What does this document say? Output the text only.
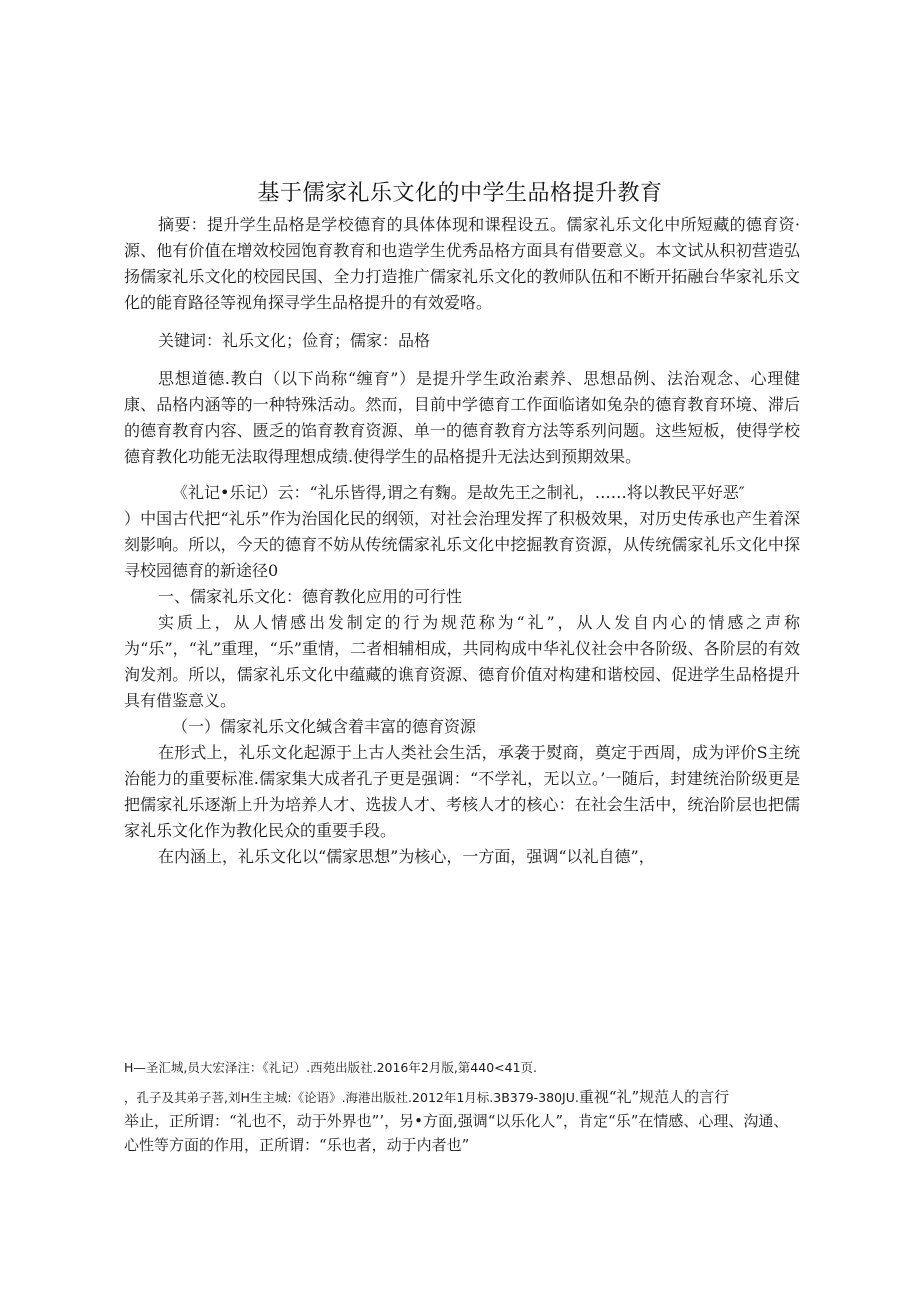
基于儒家礼乐文化的中学生品格提升教育

摘要：提升学生品格是学校德育的具体体现和课程设五。儒家礼乐文化中所短藏的德育资·源、他有价值在增效校园饱育教育和也造学生优秀品格方面具有借要意义。本文试从积初营造弘扬儒家礼乐文化的校园民国、全力打造推广儒家礼乐文化的教师队伍和不断开拓融台华家礼乐文化的能育路径等视角探寻学生品格提升的有效爱咯。

关键词：礼乐文化；俭育；儒家：品格

思想道德.教白（以下尚称“缠育”）是提升学生政治素养、思想品例、法治观念、心理健康、品格内涵等的一种特殊活动。然而，目前中学德育工作面临诸如兔杂的德育教育环境、滞后的德育教育内容、匮乏的馅育教育资源、单一的德育教育方法等系列问题。这些短板，使得学校德育教化功能无法取得理想成绩.使得学生的品格提升无法达到预期效果。

《礼记•乐记）云：“礼乐皆得,谓之有麴。是故先王之制礼，……将以教民平好恶″

）中国古代把“礼乐”作为治国化民的纲领，对社会治理发挥了积极效果，对历史传承也产生着深刻影响。所以，今天的德育不妨从传统儒家礼乐文化中挖掘教育资源，从传统儒家礼乐文化中探寻校园德育的新途径0

一、儒家礼乐文化：德育教化应用的可行性

实质上，从人情感出发制定的行为规范称为“礼”，从人发自内心的情感之声称为“乐”，“礼”重理，“乐”重情，二者相辅相成，共同构成中华礼仪社会中各阶级、各阶层的有效洵发剂。所以，儒家礼乐文化中蕴藏的谯育资源、德育价值对构建和谐校园、促进学生品格提升具有借鉴意义。

（一）儒家礼乐文化缄含着丰富的德育资源

在形式上，礼乐文化起源于上古人类社会生活，承袭于熨商，奠定于西周，成为评价S主统治能力的重要标准.儒家集大成者孔子更是强调：“不学礼，无以立。’一随后，封建统治阶级更是把儒家礼乐逐渐上升为培养人才、选拔人才、考核人才的核心：在社会生活中，统治阶层也把儒家礼乐文化作为教化民众的重要手段。

在内涵上，礼乐文化以“儒家思想”为核心，一方面，强调“以礼自德”，

H—圣汇城,员大宏泽注：《礼记）.西苑出版社.2016年2月版,第440<41页.

，孔子及其弟子菩,刘H生主城:《论语》.海港出版社.2012年1月标.3B379-380JU.重视“礼”规范人的言行

举止，正所谓：“礼也不，动于外界也”’，另•方面,强调“以乐化人”，肯定“乐”在情感、心理、沟通、心性等方面的作用，正所谓：“乐也者，动于内者也”
